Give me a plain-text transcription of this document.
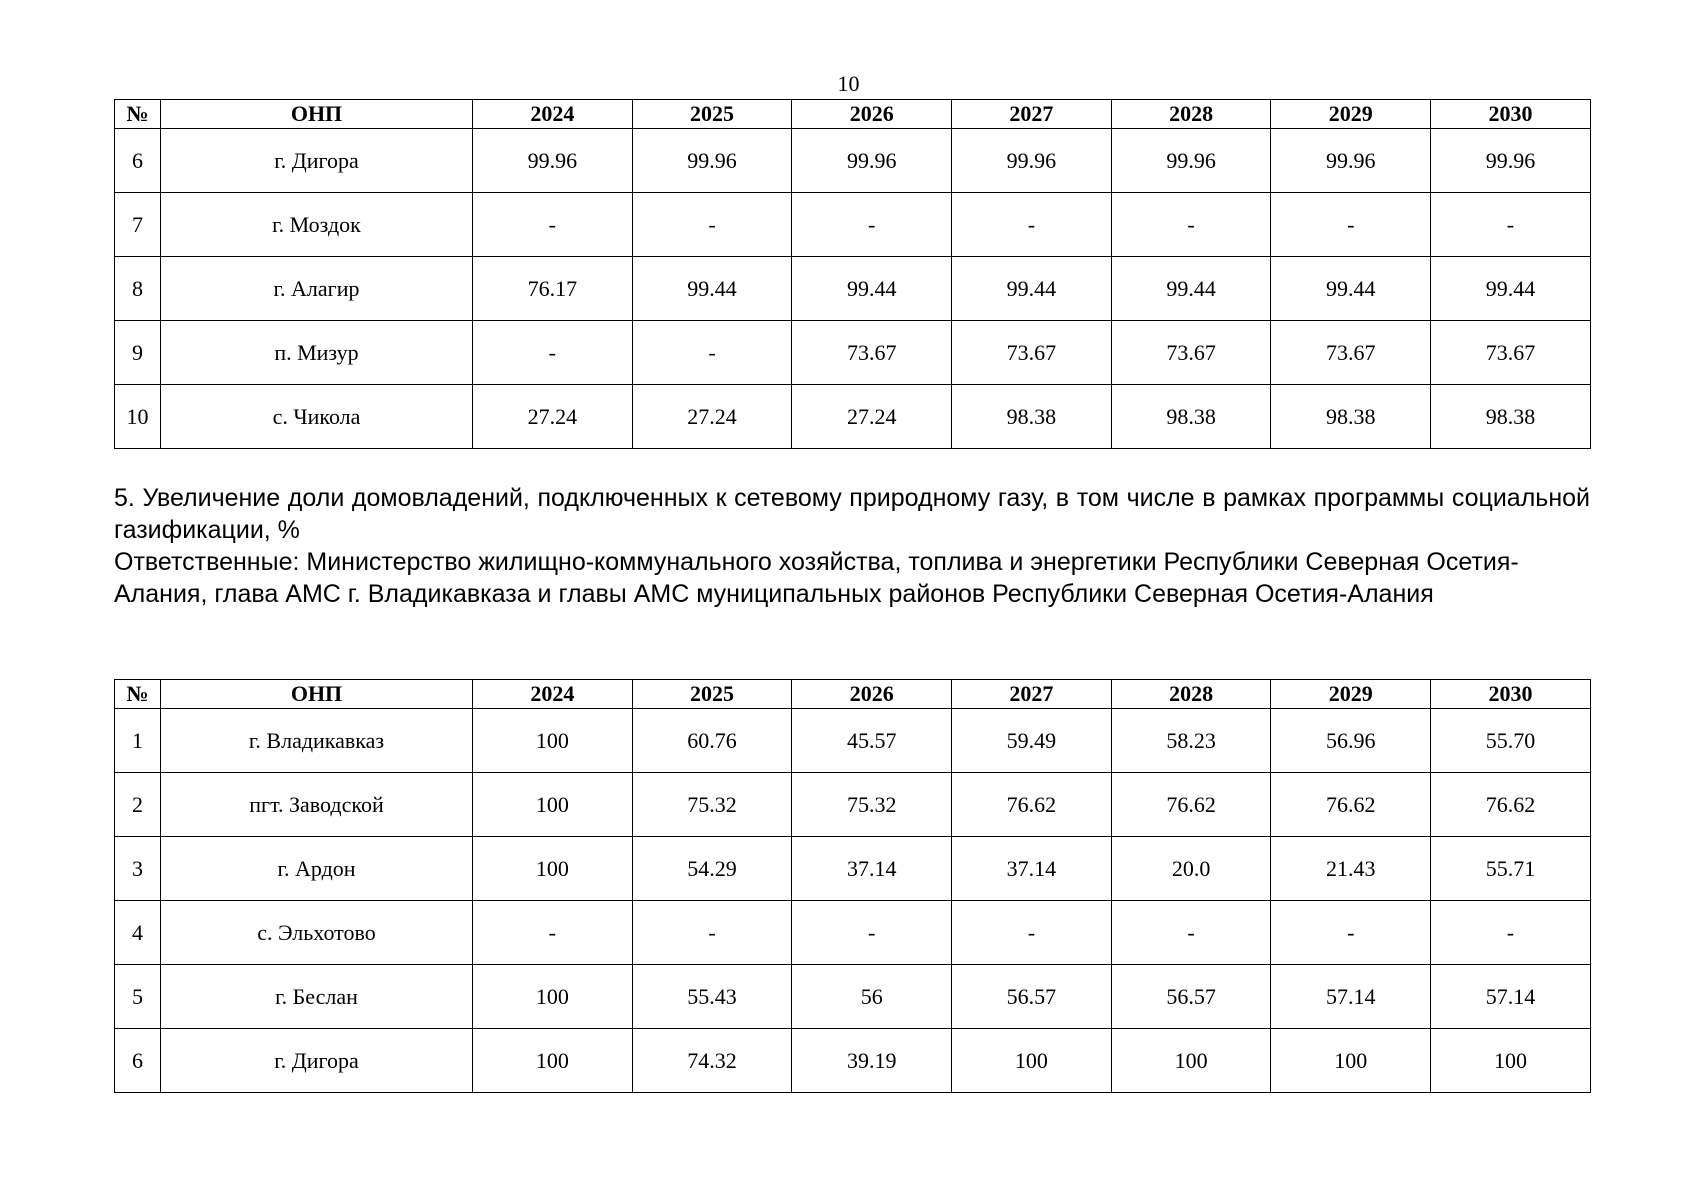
10
№	ОНП	2024	2025	2026	2027	2028	2029	2030
6	г. Дигора	99.96	99.96	99.96	99.96	99.96	99.96	99.96
7	г. Моздок	-	-	-	-	-	-	-
8	г. Алагир	76.17	99.44	99.44	99.44	99.44	99.44	99.44
9	п. Мизур	-	-	73.67	73.67	73.67	73.67	73.67
10	с. Чикола	27.24	27.24	27.24	98.38	98.38	98.38	98.38

5. Увеличение доли домовладений, подключенных к сетевому природному газу, в том числе в рамках программы социальной газификации, %

Ответственные: Министерство жилищно-коммунального хозяйства, топлива и энергетики Республики Северная Осетия-Алания, глава АМС г. Владикавказа и главы АМС муниципальных районов Республики Северная Осетия-Алания

№	ОНП	2024	2025	2026	2027	2028	2029	2030
1	г. Владикавказ	100	60.76	45.57	59.49	58.23	56.96	55.70
2	пгт. Заводской	100	75.32	75.32	76.62	76.62	76.62	76.62
3	г. Ардон	100	54.29	37.14	37.14	20.0	21.43	55.71
4	с. Эльхотово	-	-	-	-	-	-	-
5	г. Беслан	100	55.43	56	56.57	56.57	57.14	57.14
6	г. Дигора	100	74.32	39.19	100	100	100	100
